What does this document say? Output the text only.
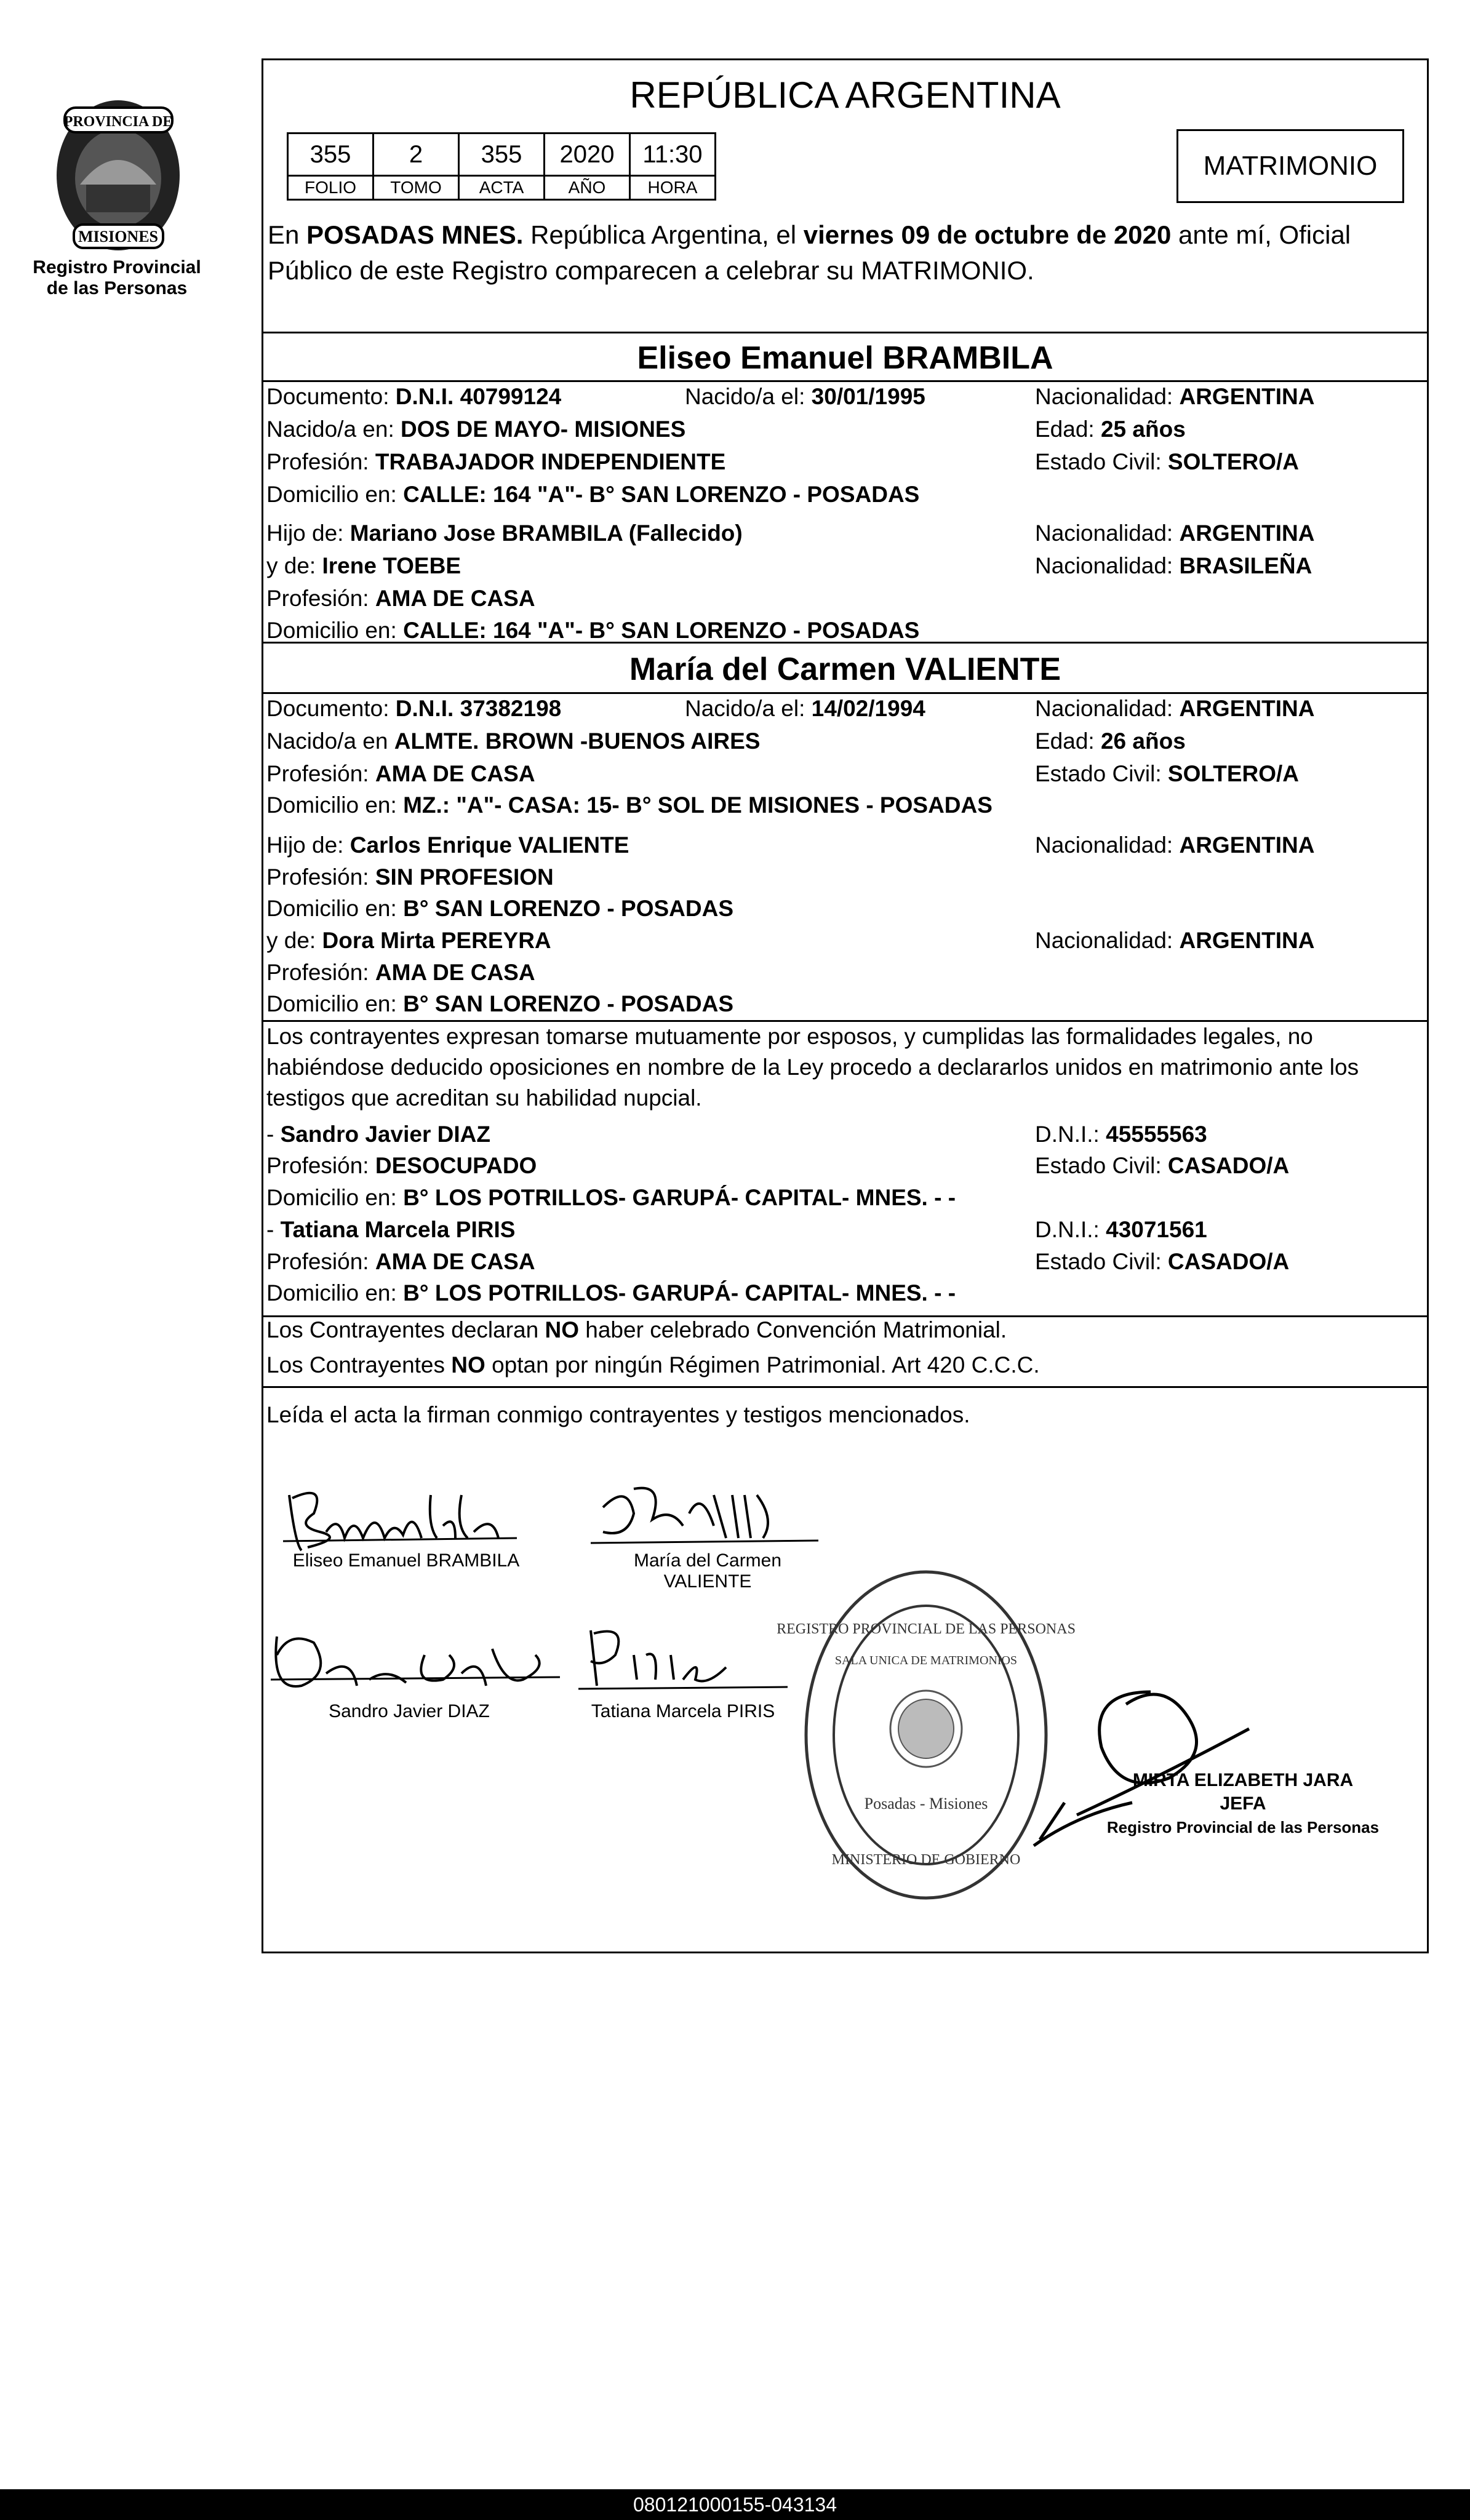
PROVINCIA DE
MISIONES
Registro Provincial
de las Personas
REPÚBLICA ARGENTINA
355	2	355	2020	11:30
FOLIO	TOMO	ACTA	AÑO	HORA
MATRIMONIO
En POSADAS MNES. República Argentina, el viernes 09 de octubre de 2020 ante mí, Oficial Público de este Registro comparecen a celebrar su MATRIMONIO.
Eliseo Emanuel BRAMBILA
Documento: D.N.I. 40799124	Nacido/a el: 30/01/1995	Nacionalidad: ARGENTINA
Nacido/a en: DOS DE MAYO- MISIONES	Edad: 25 años
Profesión: TRABAJADOR INDEPENDIENTE	Estado Civil: SOLTERO/A
Domicilio en: CALLE: 164 "A"- B° SAN LORENZO - POSADAS
Hijo de: Mariano Jose BRAMBILA (Fallecido)	Nacionalidad: ARGENTINA
y de: Irene TOEBE	Nacionalidad: BRASILEÑA
Profesión: AMA DE CASA
Domicilio en: CALLE: 164 "A"- B° SAN LORENZO - POSADAS
María del Carmen VALIENTE
Documento: D.N.I. 37382198	Nacido/a el: 14/02/1994	Nacionalidad: ARGENTINA
Nacido/a en ALMTE. BROWN -BUENOS AIRES	Edad: 26 años
Profesión: AMA DE CASA	Estado Civil: SOLTERO/A
Domicilio en: MZ.: "A"- CASA: 15- B° SOL DE MISIONES - POSADAS
Hijo de: Carlos Enrique VALIENTE	Nacionalidad: ARGENTINA
Profesión: SIN PROFESION
Domicilio en: B° SAN LORENZO - POSADAS
y de: Dora Mirta PEREYRA	Nacionalidad: ARGENTINA
Profesión: AMA DE CASA
Domicilio en: B° SAN LORENZO - POSADAS
Los contrayentes expresan tomarse mutuamente por esposos, y cumplidas las formalidades legales, no habiéndose deducido oposiciones en nombre de la Ley procedo a declararlos unidos en matrimonio ante los testigos que acreditan su habilidad nupcial.
- Sandro Javier DIAZ	D.N.I.: 45555563
Profesión: DESOCUPADO	Estado Civil: CASADO/A
Domicilio en: B° LOS POTRILLOS- GARUPÁ- CAPITAL- MNES. - -
- Tatiana Marcela PIRIS	D.N.I.: 43071561
Profesión: AMA DE CASA	Estado Civil: CASADO/A
Domicilio en: B° LOS POTRILLOS- GARUPÁ- CAPITAL- MNES. - -
Los Contrayentes declaran NO haber celebrado Convención Matrimonial.
Los Contrayentes NO optan por ningún Régimen Patrimonial. Art 420 C.C.C.
Leída el acta la firman conmigo contrayentes y testigos mencionados.
Eliseo Emanuel BRAMBILA	María del Carmen
VALIENTE
Sandro Javier DIAZ	Tatiana Marcela PIRIS
REGISTRO PROVINCIAL DE LAS PERSONAS
SALA UNICA DE MATRIMONIOS
Posadas - Misiones
MINISTERIO DE GOBIERNO
MIRTA ELIZABETH JARA
JEFA
Registro Provincial de las Personas
080121000155-043134
